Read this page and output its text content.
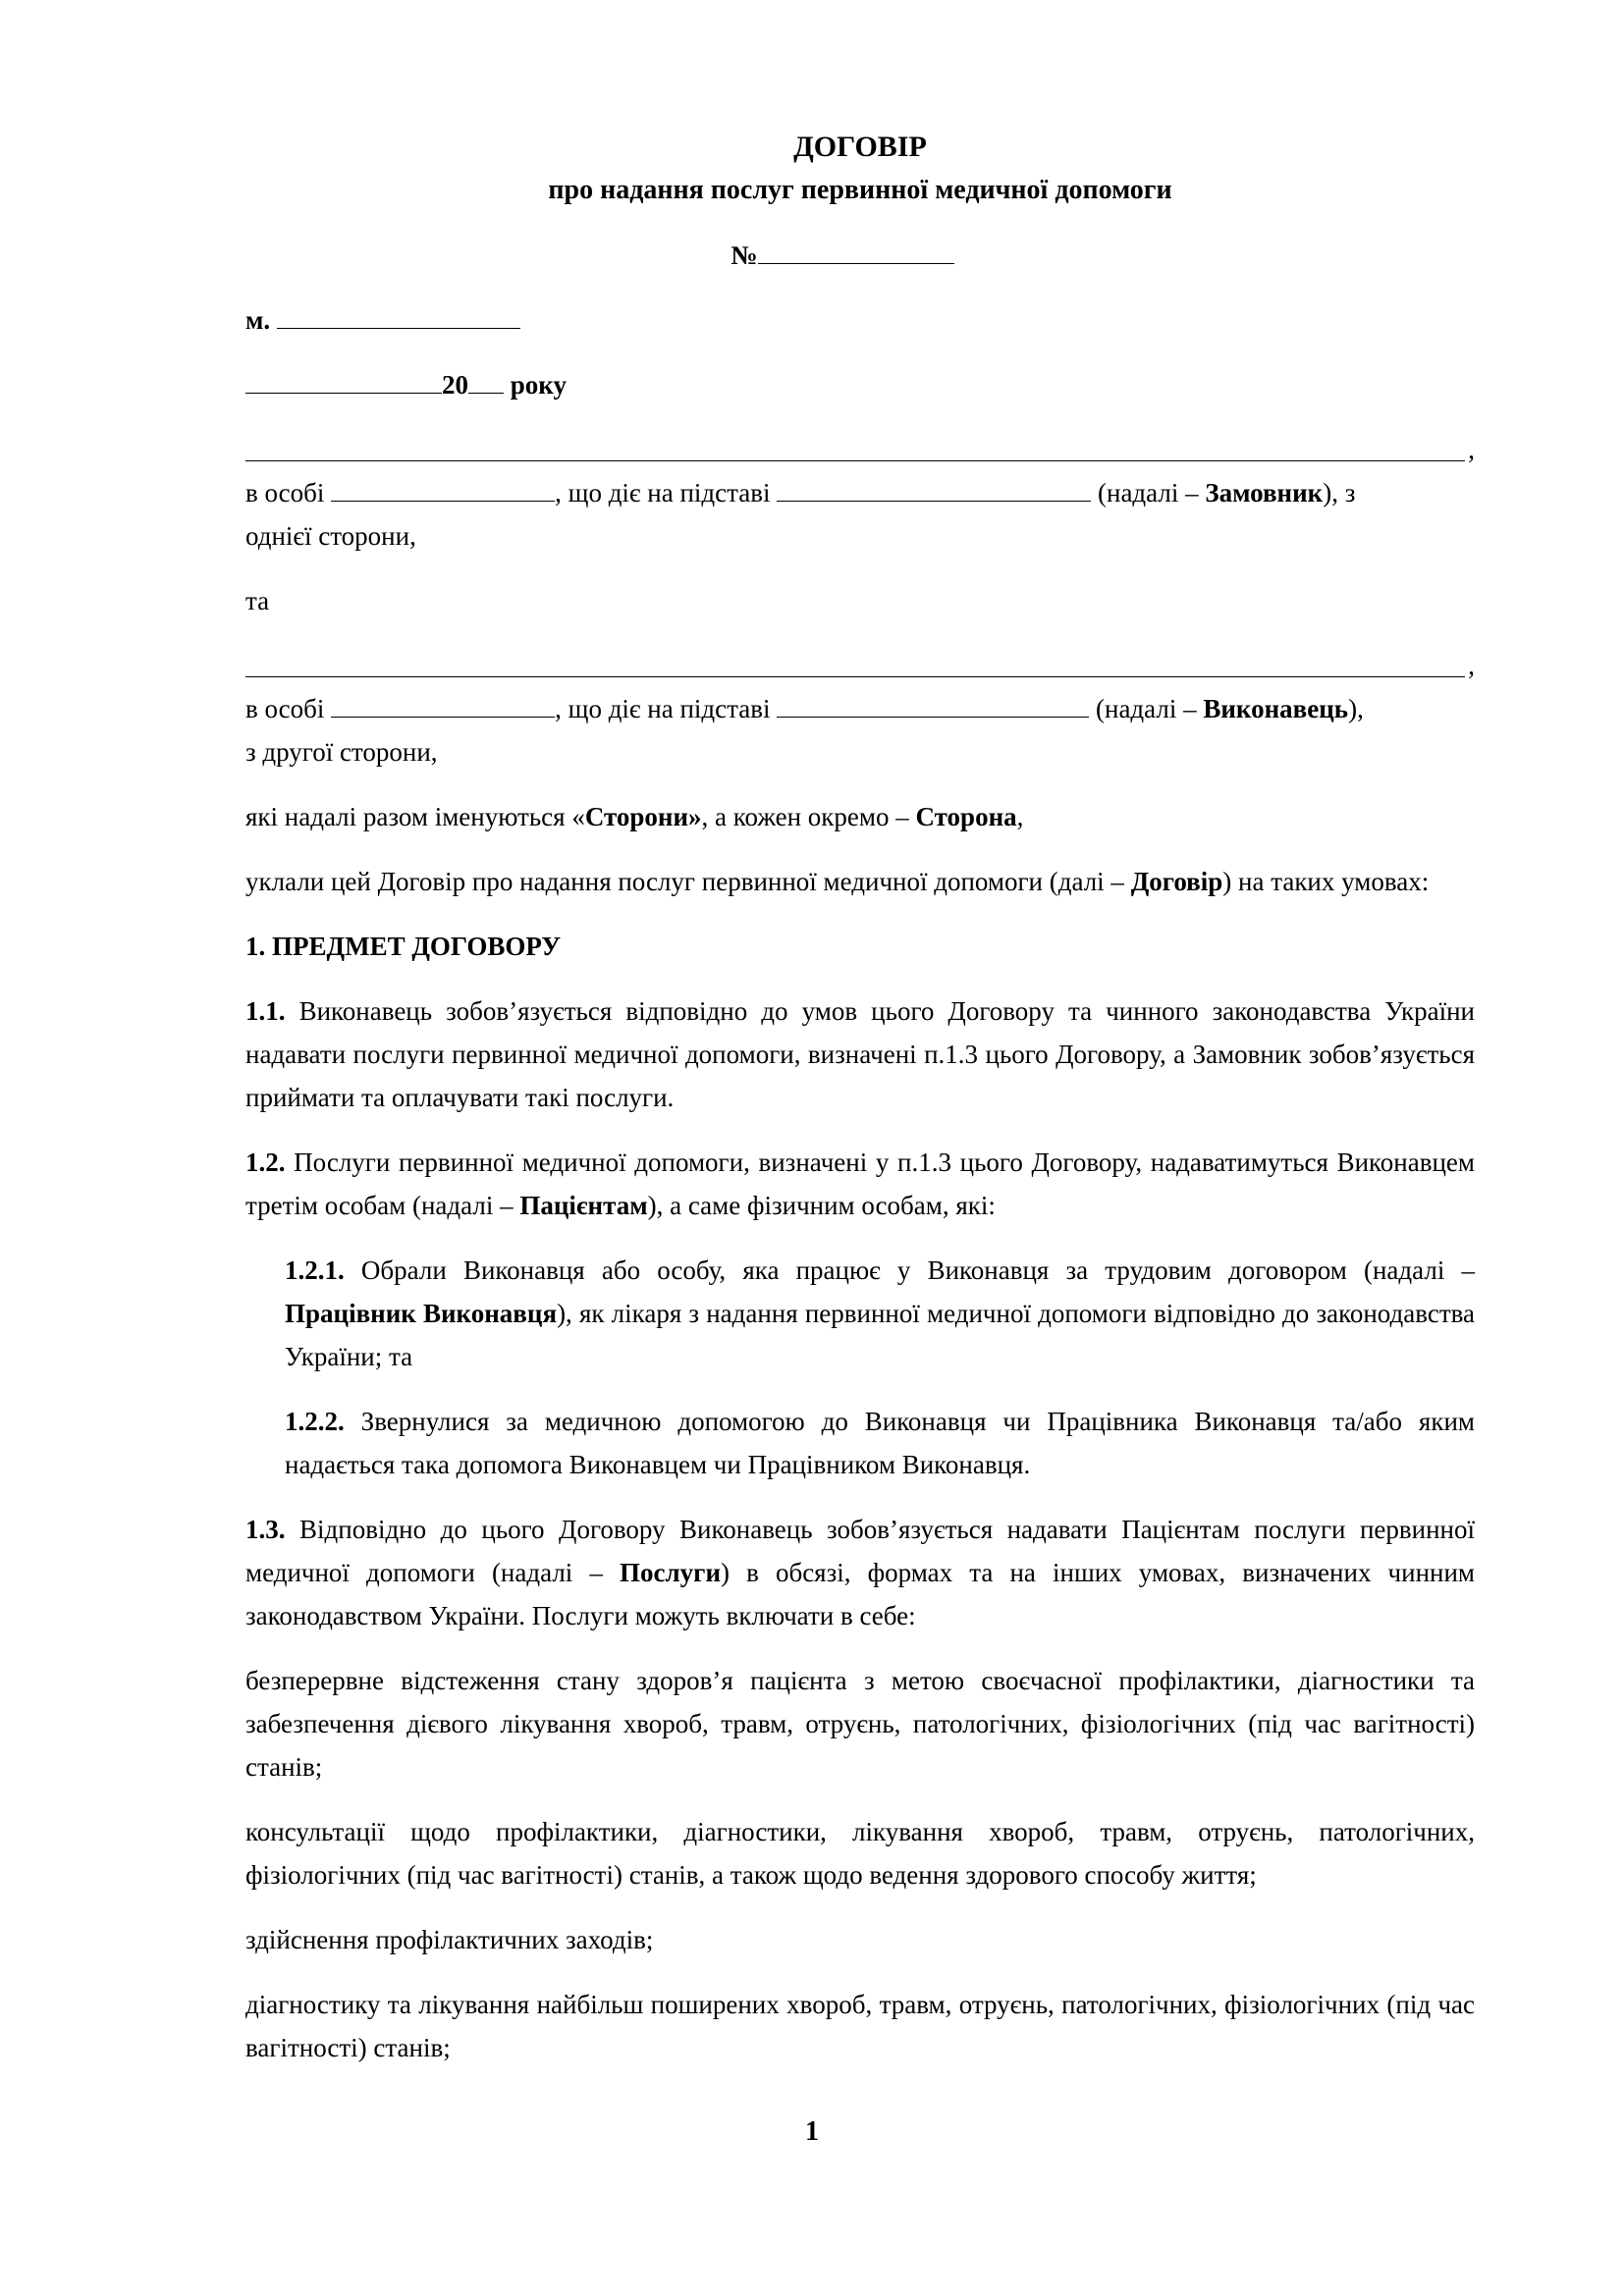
ДОГОВІР
про надання послуг первинної медичної допомоги
№
м.
20 року
,
в особі	, що діє на підставі	(надалі – Замовник), з
однієї сторони,
та
,
в особі	, що діє на підставі	(надалі – Виконавець),
з другої сторони,
які надалі разом іменуються «Сторони», а кожен окремо – Сторона,
уклали цей Договір про надання послуг первинної медичної допомоги (далі – Договір) на таких умовах:
1. ПРЕДМЕТ ДОГОВОРУ
1.1. Виконавець зобов’язується відповідно до умов цього Договору та чинного законодавства України надавати послуги первинної медичної допомоги, визначені п.1.3 цього Договору, а Замовник зобов’язується приймати та оплачувати такі послуги.
1.2. Послуги первинної медичної допомоги, визначені у п.1.3 цього Договору, надаватимуться Виконавцем третім особам (надалі – Пацієнтам), а саме фізичним особам, які:
1.2.1. Обрали Виконавця або особу, яка працює у Виконавця за трудовим договором (надалі – Працівник Виконавця), як лікаря з надання первинної медичної допомоги відповідно до законодавства України; та
1.2.2. Звернулися за медичною допомогою до Виконавця чи Працівника Виконавця та/або яким надається така допомога Виконавцем чи Працівником Виконавця.
1.3. Відповідно до цього Договору Виконавець зобов’язується надавати Пацієнтам послуги первинної медичної допомоги (надалі – Послуги) в обсязі, формах та на інших умовах, визначених чинним законодавством України. Послуги можуть включати в себе:
безперервне відстеження стану здоров’я пацієнта з метою своєчасної профілактики, діагностики та забезпечення дієвого лікування хвороб, травм, отруєнь, патологічних, фізіологічних (під час вагітності) станів;
консультації щодо профілактики, діагностики, лікування хвороб, травм, отруєнь, патологічних, фізіологічних (під час вагітності) станів, а також щодо ведення здорового способу життя;
здійснення профілактичних заходів;
діагностику та лікування найбільш поширених хвороб, травм, отруєнь, патологічних, фізіологічних (під час вагітності) станів;
1
